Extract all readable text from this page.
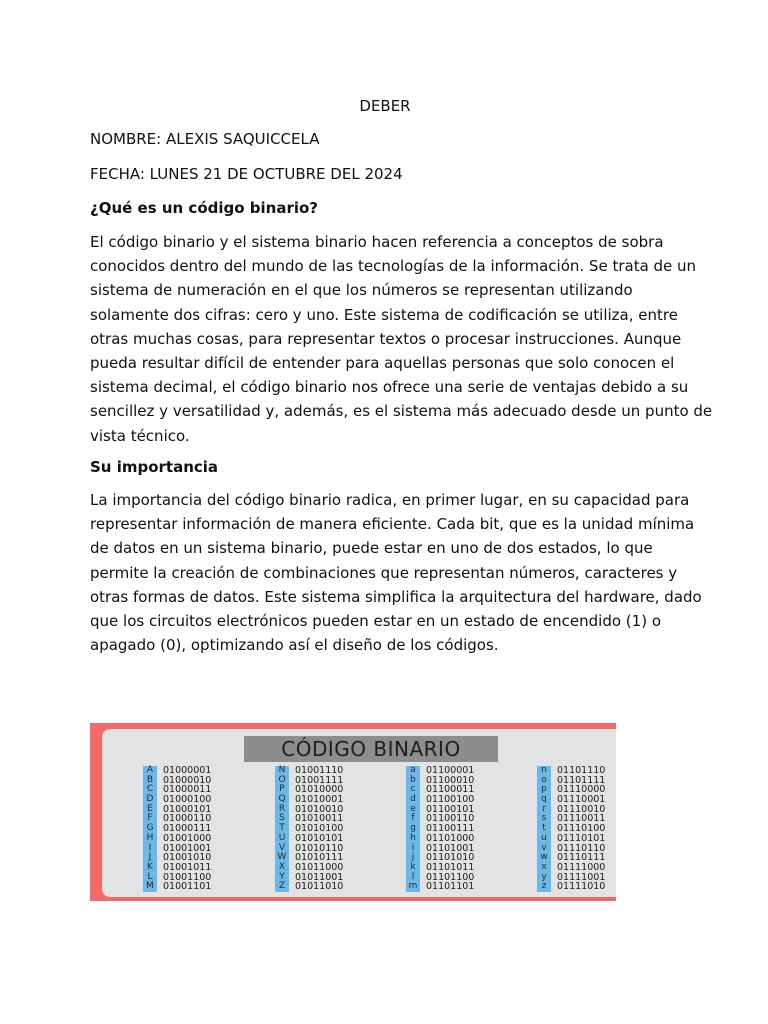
DEBER
NOMBRE: ALEXIS SAQUICCELA
FECHA: LUNES 21 DE OCTUBRE DEL 2024
¿Qué es un código binario?
El código binario y el sistema binario hacen referencia a conceptos de sobra
conocidos dentro del mundo de las tecnologías de la información. Se trata de un
sistema de numeración en el que los números se representan utilizando
solamente dos cifras: cero y uno. Este sistema de codificación se utiliza, entre
otras muchas cosas, para representar textos o procesar instrucciones. Aunque
pueda resultar difícil de entender para aquellas personas que solo conocen el
sistema decimal, el código binario nos ofrece una serie de ventajas debido a su
sencillez y versatilidad y, además, es el sistema más adecuado desde un punto de
vista técnico.
Su importancia
La importancia del código binario radica, en primer lugar, en su capacidad para
representar información de manera eficiente. Cada bit, que es la unidad mínima
de datos en un sistema binario, puede estar en uno de dos estados, lo que
permite la creación de combinaciones que representan números, caracteres y
otras formas de datos. Este sistema simplifica la arquitectura del hardware, dado
que los circuitos electrónicos pueden estar en un estado de encendido (1) o
apagado (0), optimizando así el diseño de los códigos.
CÓDIGO BINARIO
A
B
C
D
E
F
G
H
I
J
K
L
M
01000001
01000010
01000011
01000100
01000101
01000110
01000111
01001000
01001001
01001010
01001011
01001100
01001101
N
O
P
Q
R
S
T
U
V
W
X
Y
Z
01001110
01001111
01010000
01010001
01010010
01010011
01010100
01010101
01010110
01010111
01011000
01011001
01011010
a
b
c
d
e
f
g
h
i
j
k
l
m
01100001
01100010
01100011
01100100
01100101
01100110
01100111
01101000
01101001
01101010
01101011
01101100
01101101
n
o
p
q
r
s
t
u
v
w
x
y
z
01101110
01101111
01110000
01110001
01110010
01110011
01110100
01110101
01110110
01110111
01111000
01111001
01111010
